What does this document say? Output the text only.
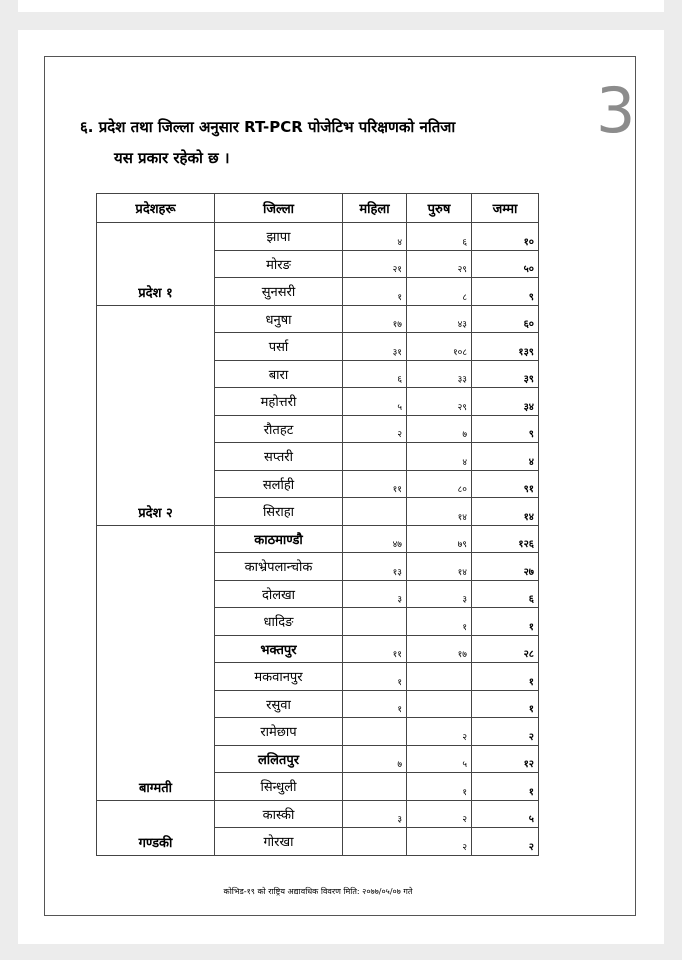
3
६. प्रदेश तथा जिल्ला अनुसार RT-PCR पोजेटिभ परिक्षणको नतिजा
यस प्रकार रहेको छ ।
प्रदेशहरू	जिल्ला	महिला	पुरुष	जम्मा
प्रदेश १	झापा	४	६	१०
	मोरङ	२१	२९	५०
	सुनसरी	१	८	९
प्रदेश २	धनुषा	१७	४३	६०
	पर्सा	३१	१०८	१३९
	बारा	६	३३	३९
	महोत्तरी	५	२९	३४
	रौतहट	२	७	९
	सप्तरी		४	४
	सर्लाही	११	८०	९१
	सिराहा		१४	१४
बाग्मती	काठमाण्डौ	४७	७९	१२६
	काभ्रेपलान्चोक	१३	१४	२७
	दोलखा	३	३	६
	धादिङ		१	१
	भक्तपुर	११	१७	२८
	मकवानपुर	१		१
	रसुवा	१		१
	रामेछाप		२	२
	ललितपुर	७	५	१२
	सिन्धुली		१	१
गण्डकी	कास्की	३	२	५
	गोरखा		२	२
कोभिड-१९ को राष्ट्रिय अद्यावधिक विवरण मिति: २०७७/०५/०७ गते
